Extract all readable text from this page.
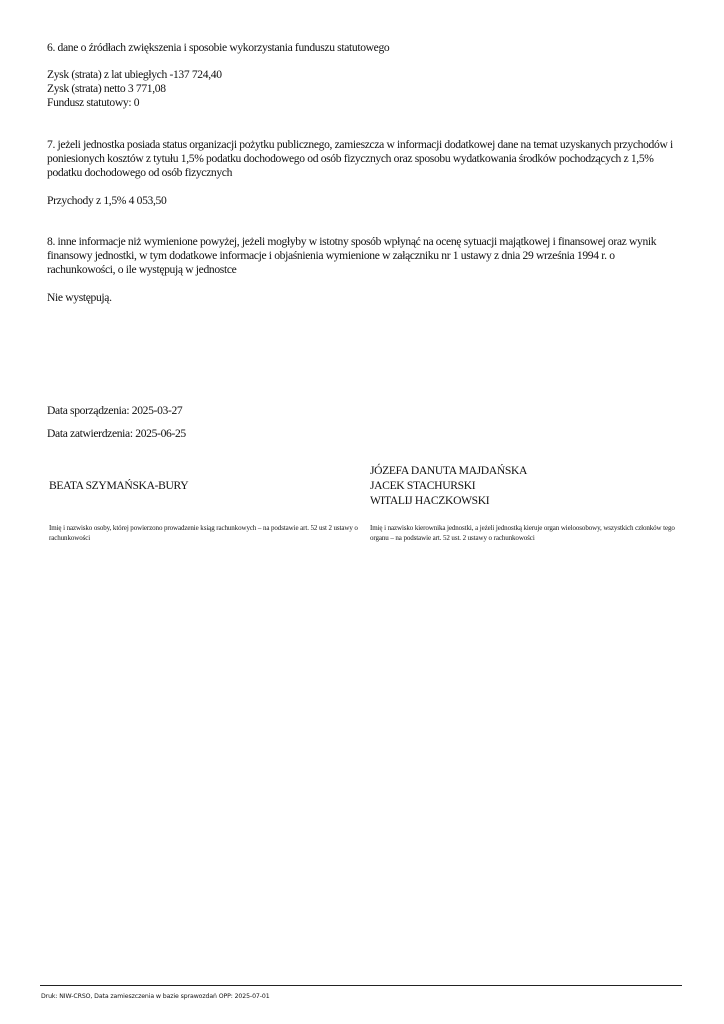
6. dane o źródłach zwiększenia i sposobie wykorzystania funduszu statutowego

Zysk (strata) z lat ubiegłych -137 724,40

Zysk (strata) netto 3 771,08

Fundusz statutowy: 0

7. jeżeli jednostka posiada status organizacji pożytku publicznego, zamieszcza w informacji dodatkowej dane na temat uzyskanych przychodów i poniesionych kosztów z tytułu 1,5% podatku dochodowego od osób fizycznych oraz sposobu wydatkowania środków pochodzących z 1,5% podatku dochodowego od osób fizycznych

Przychody z 1,5% 4 053,50

8. inne informacje niż wymienione powyżej, jeżeli mogłyby w istotny sposób wpłynąć na ocenę sytuacji majątkowej i finansowej oraz wynik finansowy jednostki, w tym dodatkowe informacje i objaśnienia wymienione w załączniku nr 1 ustawy z dnia 29 września 1994 r. o rachunkowości, o ile występują w jednostce

Nie występują.

Data sporządzenia: 2025-03-27

Data zatwierdzenia: 2025-06-25

BEATA SZYMAŃSKA-BURY

JÓZEFA DANUTA MAJDAŃSKA

JACEK STACHURSKI

WITALIJ HACZKOWSKI

Imię i nazwisko osoby, której powierzono prowadzenie ksiąg rachunkowych – na podstawie art. 52 ust 2 ustawy o rachunkowości

Imię i nazwisko kierownika jednostki, a jeżeli jednostką kieruje organ wieloosobowy, wszystkich członków tego organu – na podstawie art. 52 ust. 2 ustawy o rachunkowości

Druk: NIW-CRSO, Data zamieszczenia w bazie sprawozdań OPP: 2025-07-01
